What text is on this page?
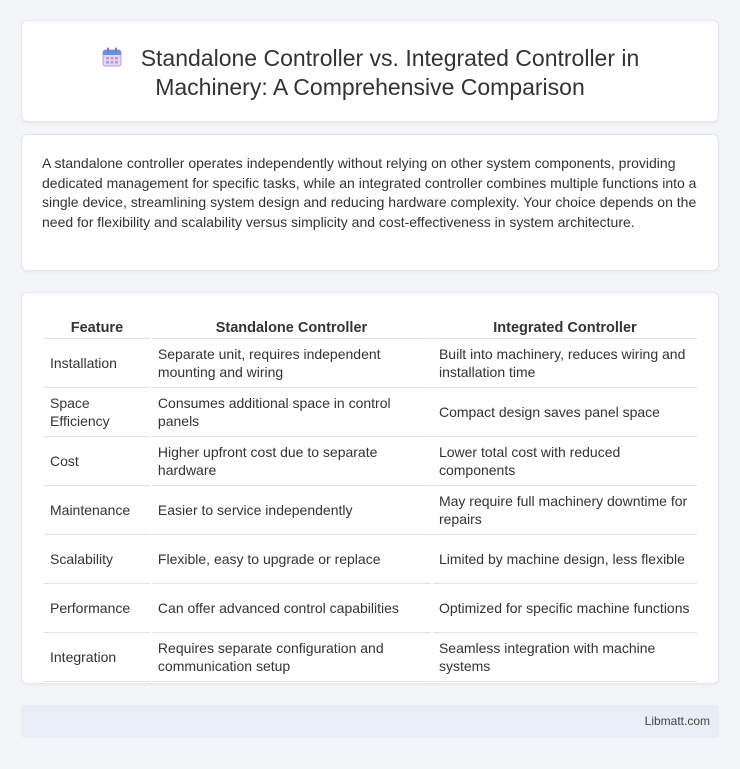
Standalone Controller vs. Integrated Controller in
Machinery: A Comprehensive Comparison

A standalone controller operates independently without relying on other system components, providing dedicated management for specific tasks, while an integrated controller combines multiple functions into a single device, streamlining system design and reducing hardware complexity. Your choice depends on the need for flexibility and scalability versus simplicity and cost-effectiveness in system architecture.

Feature	Standalone Controller	Integrated Controller
Installation	Separate unit, requires independent mounting and wiring	Built into machinery, reduces wiring and installation time
Space Efficiency	Consumes additional space in control panels	Compact design saves panel space
Cost	Higher upfront cost due to separate hardware	Lower total cost with reduced components
Maintenance	Easier to service independently	May require full machinery downtime for repairs
Scalability	Flexible, easy to upgrade or replace	Limited by machine design, less flexible
Performance	Can offer advanced control capabilities	Optimized for specific machine functions
Integration	Requires separate configuration and communication setup	Seamless integration with machine systems
Libmatt.com
